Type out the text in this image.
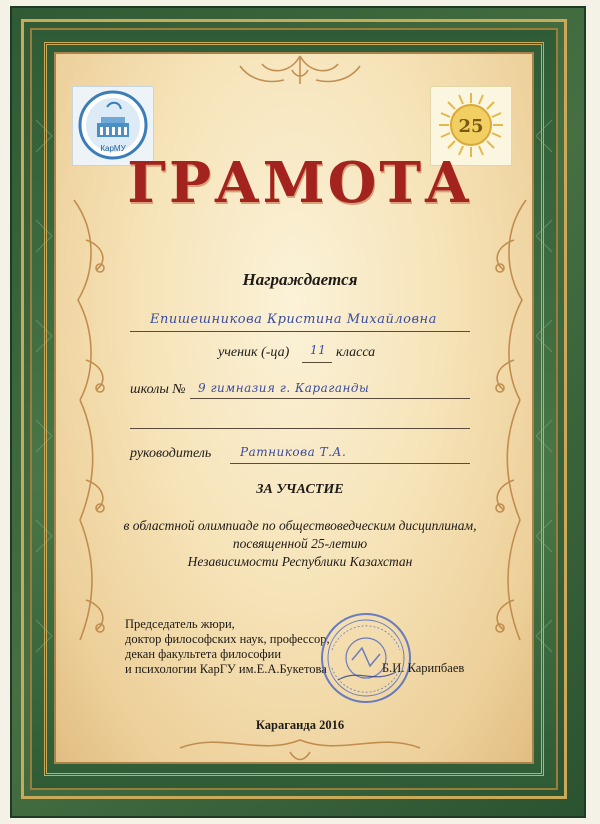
КарМУ
25
ГРАМОТА
Награждается
Епишешникова Кристина Михайловна
ученик (-ца) 11 класса
школы № 9 гимназия г. Караганды
руководитель Ратникова Т.А.
ЗА УЧАСТИЕ
в областной олимпиаде по обществоведческим дисциплинам,
посвященной 25-летию
Независимости Республики Казахстан
Председатель жюри,
доктор философских наук, профессор,
декан факультета философии
и психологии КарГУ им.Е.А.Букетова	Б.И. Карипбаев
Караганда 2016
